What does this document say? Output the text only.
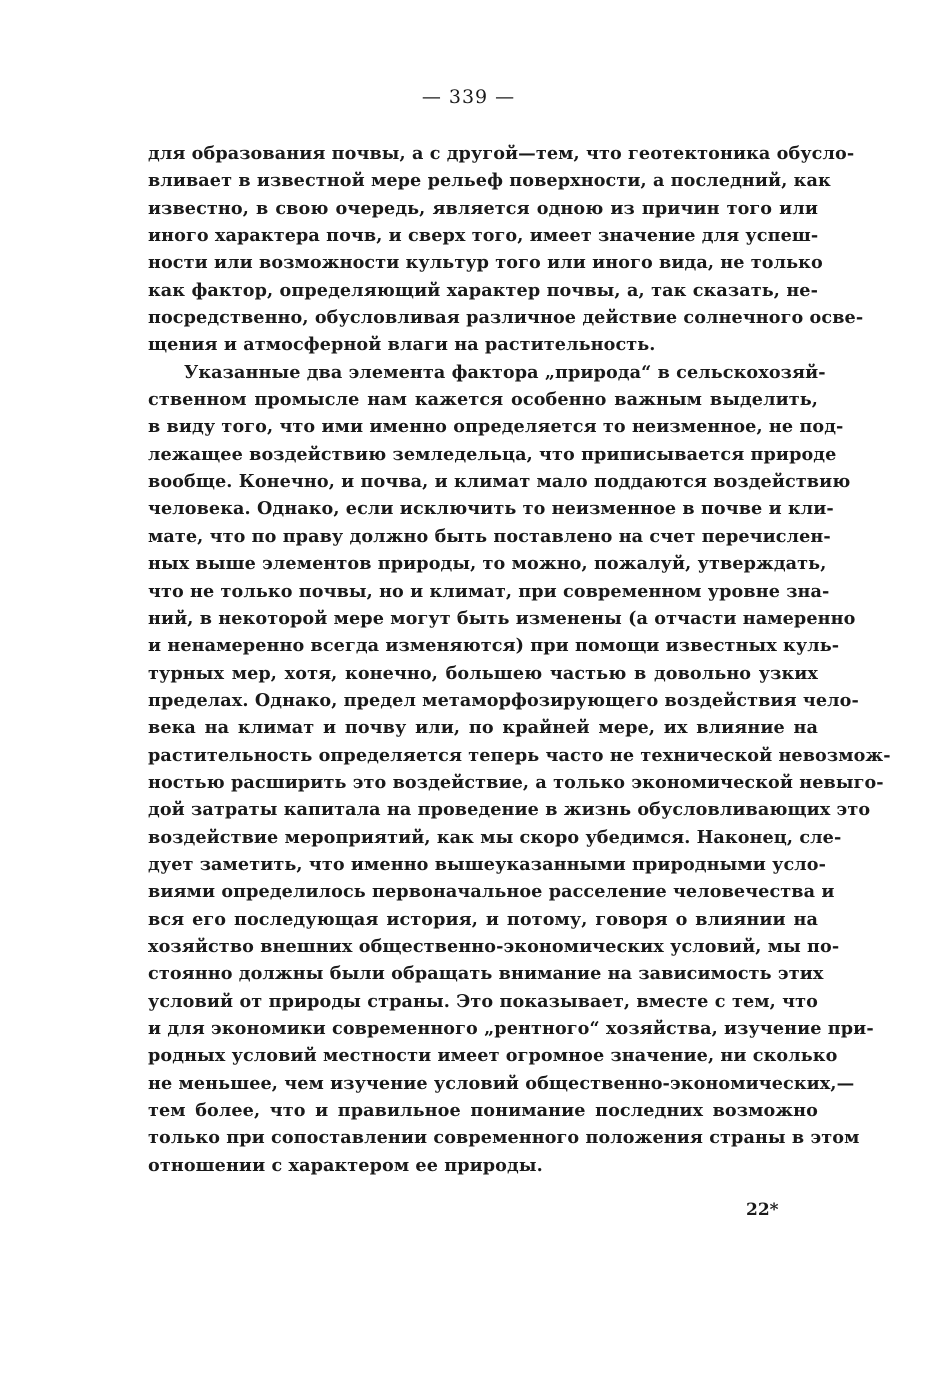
— 339 —
для образования почвы, а с другой—тем, что геотектоника обусло-
вливает в известной мере рельеф поверхности, а последний, как
известно, в свою очередь, является одною из причин того или
иного характера почв, и сверх того, имеет значение для успеш-
ности или возможности культур того или иного вида, не только
как фактор, определяющий характер почвы, а, так сказать, не-
посредственно, обусловливая различное действие солнечного осве-
щения и атмосферной влаги на растительность.
Указанные два элемента фактора „природа“ в сельскохозяй-
ственном промысле нам кажется особенно важным выделить,
в виду того, что ими именно определяется то неизменное, не под-
лежащее воздействию земледельца, что приписывается природе
вообще. Конечно, и почва, и климат мало поддаются воздействию
человека. Однако, если исключить то неизменное в почве и кли-
мате, что по праву должно быть поставлено на счет перечислен-
ных выше элементов природы, то можно, пожалуй, утверждать,
что не только почвы, но и климат, при современном уровне зна-
ний, в некоторой мере могут быть изменены (а отчасти намеренно
и ненамеренно всегда изменяются) при помощи известных куль-
турных мер, хотя, конечно, большею частью в довольно узких
пределах. Однако, предел метаморфозирующего воздействия чело-
века на климат и почву или, по крайней мере, их влияние на
растительность определяется теперь часто не технической невозмож-
ностью расширить это воздействие, а только экономической невыго-
дой затраты капитала на проведение в жизнь обусловливающих это
воздействие мероприятий, как мы скоро убедимся. Наконец, сле-
дует заметить, что именно вышеуказанными природными усло-
виями определилось первоначальное расселение человечества и
вся его последующая история, и потому, говоря о влиянии на
хозяйство внешних общественно-экономических условий, мы по-
стоянно должны были обращать внимание на зависимость этих
условий от природы страны. Это показывает, вместе с тем, что
и для экономики современного „рентного“ хозяйства, изучение при-
родных условий местности имеет огромное значение, ни сколько
не меньшее, чем изучение условий общественно-экономических,—
тем более, что и правильное понимание последних возможно
только при сопоставлении современного положения страны в этом
отношении с характером ее природы.
22*
